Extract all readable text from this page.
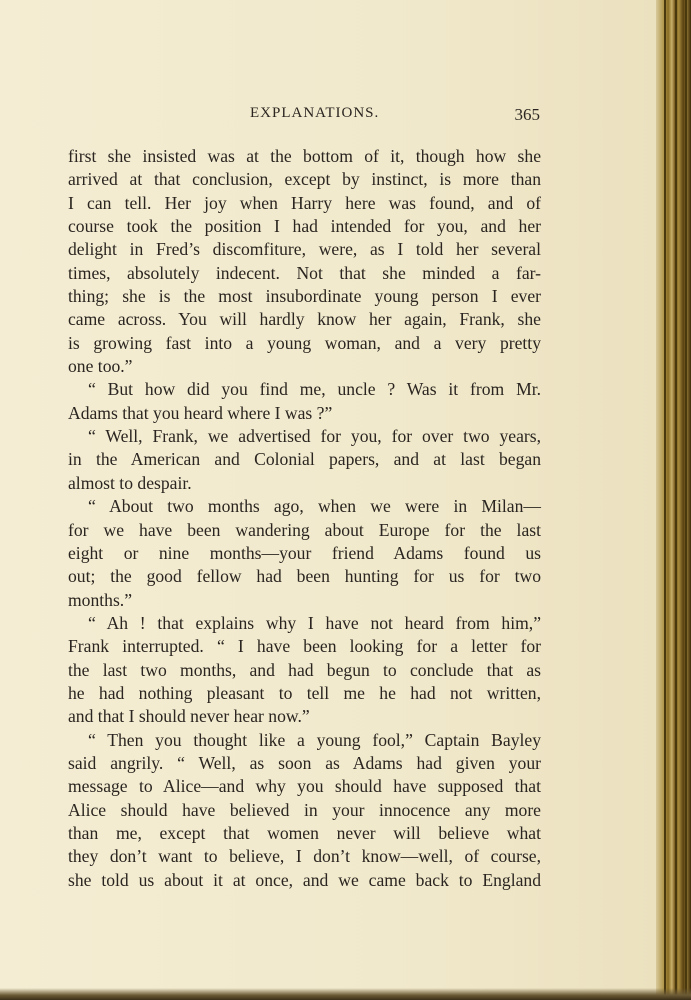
EXPLANATIONS.	365
first she insisted was at the bottom of it, though how she
arrived at that conclusion, except by instinct, is more than
I can tell. Her joy when Harry here was found, and of
course took the position I had intended for you, and her
delight in Fred’s discomfiture, were, as I told her several
times, absolutely indecent. Not that she minded a far-
thing; she is the most insubordinate young person I ever
came across. You will hardly know her again, Frank, she
is growing fast into a young woman, and a very pretty
one too.”
“ But how did you find me, uncle ? Was it from Mr.
Adams that you heard where I was ?”
“ Well, Frank, we advertised for you, for over two years,
in the American and Colonial papers, and at last began
almost to despair.
“ About two months ago, when we were in Milan—
for we have been wandering about Europe for the last
eight or nine months—your friend Adams found us
out; the good fellow had been hunting for us for two
months.”
“ Ah ! that explains why I have not heard from him,”
Frank interrupted. “ I have been looking for a letter for
the last two months, and had begun to conclude that as
he had nothing pleasant to tell me he had not written,
and that I should never hear now.”
“ Then you thought like a young fool,” Captain Bayley
said angrily. “ Well, as soon as Adams had given your
message to Alice—and why you should have supposed that
Alice should have believed in your innocence any more
than me, except that women never will believe what
they don’t want to believe, I don’t know—well, of course,
she told us about it at once, and we came back to England
